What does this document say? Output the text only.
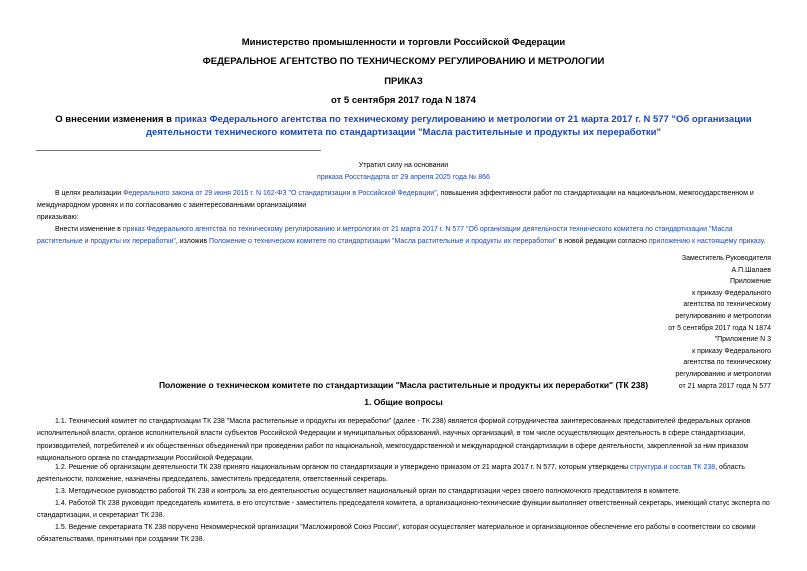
Министерство промышленности и торговли Российской Федерации
ФЕДЕРАЛЬНОЕ АГЕНТСТВО ПО ТЕХНИЧЕСКОМУ РЕГУЛИРОВАНИЮ И МЕТРОЛОГИИ
ПРИКАЗ
от 5 сентября 2017 года N 1874
О внесении изменения в приказ Федерального агентства по техническому регулированию и метрологии от 21 марта 2017 г. N 577 "Об организации деятельности технического комитета по стандартизации "Масла растительные и продукты их переработки"
Утратил силу на основании
приказа Росстандарта от 29 апреля 2025 года № 866
В целях реализации Федерального закона от 29 июня 2015 г. N 162-ФЗ "О стандартизации в Российской Федерации", повышения эффективности работ по стандартизации на национальном, межгосударственном и международном уровнях и по согласованию с заинтересованными организациями
приказываю:
Внести изменение в приказ Федерального агентства по техническому регулированию и метрологии от 21 марта 2017 г. N 577 "Об организации деятельности технического комитета по стандартизации "Масла растительные и продукты их переработки", изложив Положение о техническом комитете по стандартизации "Масла растительные и продукты их переработки" в новой редакции согласно приложению к настоящему приказу.
Заместитель Руководителя
А.П.Шалаев
Приложение
к приказу Федерального
агентства по техническому
регулированию и метрологии
от 5 сентября 2017 года N 1874
"Приложение N 3
к приказу Федерального
агентства по техническому
регулированию и метрологии
от 21 марта 2017 года N 577
Положение о техническом комитете по стандартизации "Масла растительные и продукты их переработки" (ТК 238)
1. Общие вопросы
1.1. Технический комитет по стандартизации ТК 238 "Масла растительные и продукты их переработки" (далее - ТК 238) является формой сотрудничества заинтересованных представителей федеральных органов исполнительной власти, органов исполнительной власти субъектов Российской Федерации и муниципальных образований, научных организаций, в том числе осуществляющих деятельность в сфере стандартизации, производителей, потребителей и их общественных объединений при проведении работ по национальной, межгосударственной и международной стандартизации в сфере деятельности, закрепленной за ним приказом национального органа по стандартизации Российской Федерации.
1.2. Решение об организации деятельности ТК 238 принято национальным органом по стандартизации и утверждено приказом от 21 марта 2017 г. N 577, которым утверждены структура и состав ТК 238, область деятельности, положение, назначены председатель, заместитель председателя, ответственный секретарь.
1.3. Методическое руководство работой ТК 238 и контроль за его деятельностью осуществляет национальный орган по стандартизации через своего полномочного представителя в комитете.
1.4. Работой ТК 238 руководит председатель комитета, в его отсутствие - заместитель председателя комитета, а организационно-технические функции выполняет ответственный секретарь, имеющий статус эксперта по стандартизации, и секретариат ТК 238.
1.5. Ведение секретариата ТК 238 поручено Некоммерческой организации "Масложировой Союз России", которая осуществляет материальное и организационное обеспечение его работы в соответствии со своими обязательствами, принятыми при создании ТК 238.
